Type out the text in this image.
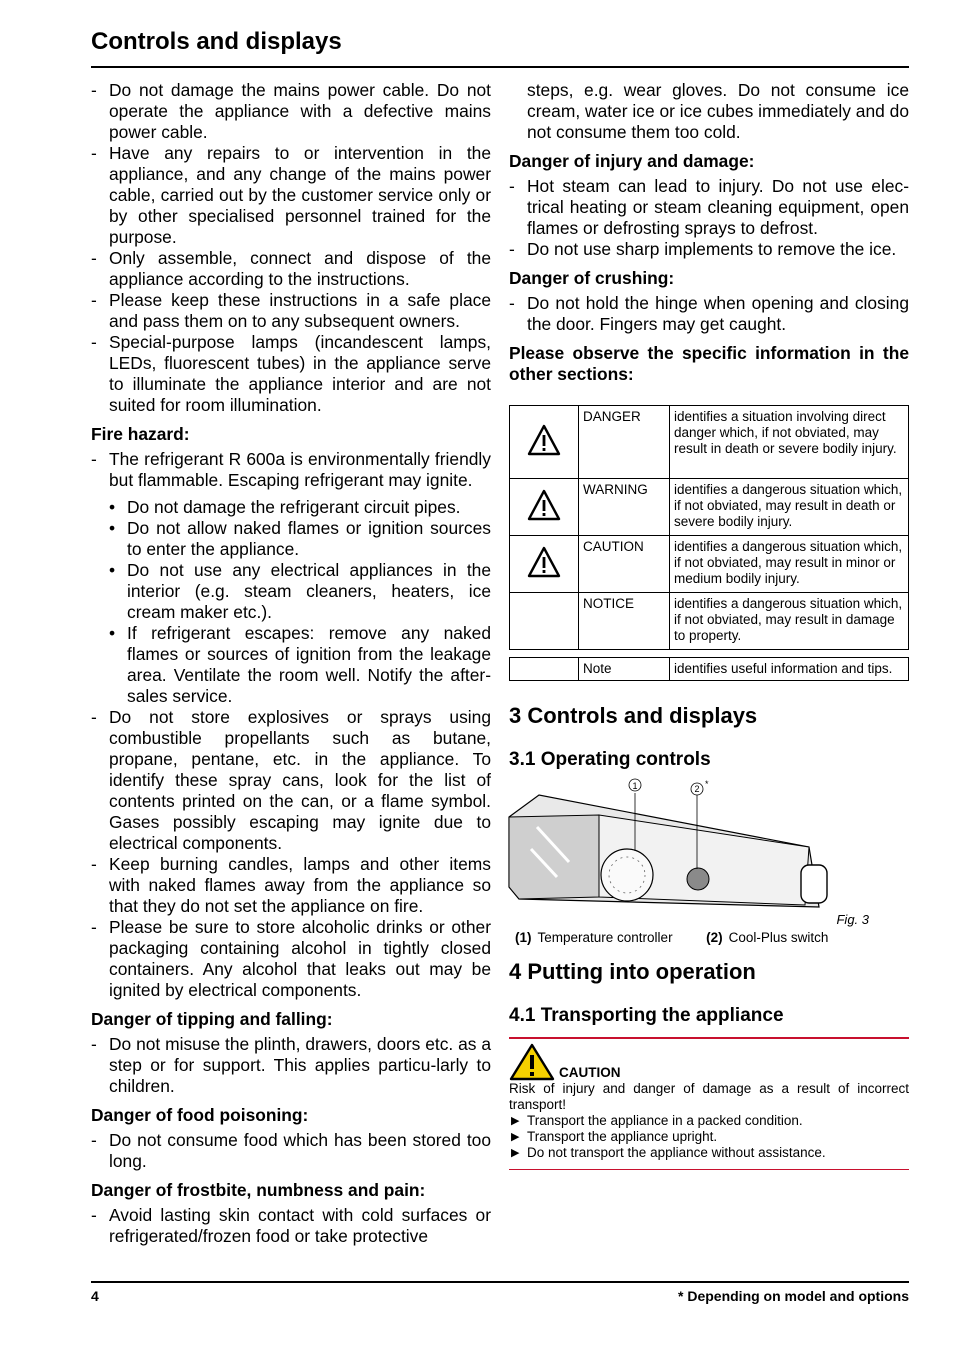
Controls and displays
- Do not damage the mains power cable. Do not operate the appliance with a defective mains power cable.
- Have any repairs to or intervention in the appliance, and any change of the mains power cable, carried out by the customer service only or by other specialised personnel trained for the purpose.
- Only assemble, connect and dispose of the appliance according to the instructions.
- Please keep these instructions in a safe place and pass them on to any subsequent owners.
- Special-purpose lamps (incandescent lamps, LEDs, fluorescent tubes) in the appliance serve to illuminate the appliance interior and are not suited for room illumination.
Fire hazard:
- The refrigerant R 600a is environmentally friendly but flammable. Escaping refrigerant may ignite.
• Do not damage the refrigerant circuit pipes.
• Do not allow naked flames or ignition sources to enter the appliance.
• Do not use any electrical appliances in the interior (e.g. steam cleaners, heaters, ice cream maker etc.).
• If refrigerant escapes: remove any naked flames or sources of ignition from the leakage area. Ventilate the room well. Notify the after-sales service.
- Do not store explosives or sprays using combustible propellants such as butane, propane, pentane, etc. in the appliance. To identify these spray cans, look for the list of contents printed on the can, or a flame symbol. Gases possibly escaping may ignite due to electrical components.
- Keep burning candles, lamps and other items with naked flames away from the appliance so that they do not set the appliance on fire.
- Please be sure to store alcoholic drinks or other packaging containing alcohol in tightly closed containers. Any alcohol that leaks out may be ignited by electrical components.
Danger of tipping and falling:
- Do not misuse the plinth, drawers, doors etc. as a step or for support. This applies particu-larly to children.
Danger of food poisoning:
- Do not consume food which has been stored too long.
Danger of frostbite, numbness and pain:
- Avoid lasting skin contact with cold surfaces or refrigerated/frozen food or take protective
steps, e.g. wear gloves. Do not consume ice cream, water ice or ice cubes immediately and do not consume them too cold.
Danger of injury and damage:
- Hot steam can lead to injury. Do not use elec-trical heating or steam cleaning equipment, open flames or defrosting sprays to defrost.
- Do not use sharp implements to remove the ice.
Danger of crushing:
- Do not hold the hinge when opening and closing the door. Fingers may get caught.
Please observe the specific information in the other sections:
	DANGER	identifies a situation involving direct danger which, if not obviated, may result in death or severe bodily injury.
	WARNING	identifies a dangerous situation which, if not obviated, may result in death or severe bodily injury.
	CAUTION	identifies a dangerous situation which, if not obviated, may result in minor or medium bodily injury.
	NOTICE	identifies a dangerous situation which, if not obviated, may result in damage to property.

	Note	identifies useful information and tips.
3 Controls and displays
3.1 Operating controls
1	2 *
Fig. 3
(1) Temperature controller (2) Cool-Plus switch
4 Putting into operation
4.1 Transporting the appliance
CAUTION
Risk of injury and danger of damage as a result of incorrect transport!
▶ Transport the appliance in a packed condition.
▶ Transport the appliance upright.
▶ Do not transport the appliance without assistance.
4	* Depending on model and options
